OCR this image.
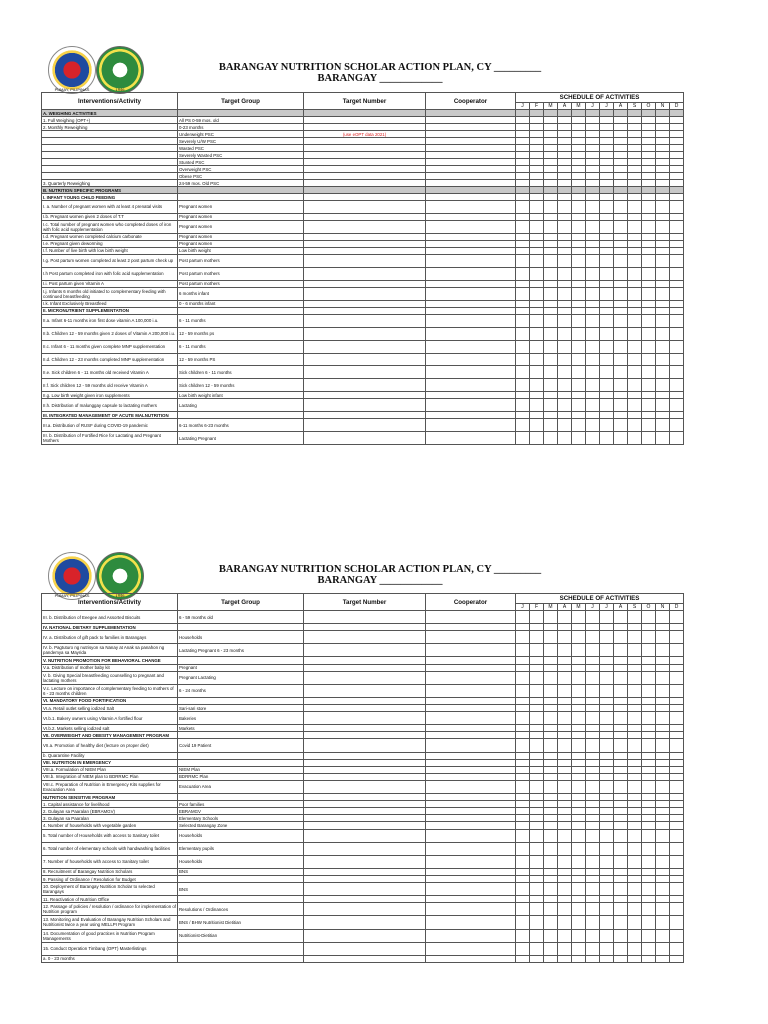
PUMAY, PILIPINAS	1946
BARANGAY NUTRITION SCHOLAR ACTION PLAN, CY _________
BARANGAY ____________
Interventions/Activity	Target Group	Target Number	Cooperator	SCHEDULE OF ACTIVITIES											
				J	F	M	A	M	J	J	A	S	O	N	D
A. WEIGHING ACTIVITIES															
1. Full Weighing (OPT+)	All PS 0-59 mos. old														
2. Monthly Reweighing	0-23 months														
	Underweight PSC	(use eOPT data 2021)													
	Severely U/W PSC														
	Wasted PSC														
	Severely Wasted PSC														
	Stunted PSC														
	Overweight PSC														
	Obese PSC														
3. Quarterly Reweighing	24-59 mos. Old PSC														
B. NUTRITION SPECIFIC PROGRAMS															
I. INFANT YOUNG CHILD FEEDING															
I. a. Number of pregnant women with at least 4 prenatal visits	Pregnant women														
I.b. Pregnant women given 2 doses of T.T	Pregnant women														
I.c. Total number of pregnant women who completed doses of iron with folic acid supplementation	Pregnant women														
I.d. Pregnant women completed calcium carbonate	Pregnant women														
I.e. Pregnant given deworming	Pregnant women														
I.f. Number of live birth with low birth weight	Low birth weight														
I.g. Post partum women completed at least 2 post partum check up	Post partum mothers														
I.h Post partum completed iron with folic acid supplementation	Post partum mothers														
I.i. Post partum given Vitamin A	Post partum mothers														
I.j. Infants 6 months old initiated to complementary feeding with continued breastfeeding	6 months infant														
I.k. Infant Exclusively Breastfeed	0 - 6 months infant														
II. MICRONUTRIENT SUPPLEMENTATION															
II.a. Infant 6-11 months iron first dose vitamin A 100,000 i.u.	6 - 11 months														
II.b. Children 12 - 59 months given 2 doses of Vitamin A 200,000 i.u.	12 - 59 months ps														
II.c. Infant 6 - 11 months given complete MNP supplementation	6 - 11 months														
II.d. Children 12 - 23 months completed MNP supplementation	12 - 59 months PS														
II.e. Sick children 6 - 11 months old received Vitamin A	Sick children 6 - 11 months														
II.f. Sick children 12 - 59 months old receive Vitamin A	Sick children 12 - 59 months														
II.g. Low birth weight given iron supplements	Low birth weight infant														
II.h. Distribution of malunggay capsule to lactating mothers	Lactating														
III. INTEGRATED MANAGEMENT OF ACUTE MALNUTRITION															
III.a. Distribution of RUSF during COVID-19 pandemic	6-11 months 6-23 months														
III. b. Distribution of Fortified Rice for Lactating and Pregnant Mothers	Lactating Pregnant														
PUMAY, PILIPINAS	1946
BARANGAY NUTRITION SCHOLAR ACTION PLAN, CY _________
BARANGAY ____________
Interventions/Activity	Target Group	Target Number	Cooperator	SCHEDULE OF ACTIVITIES											
				J	F	M	A	M	J	J	A	S	O	N	D
III. b. Distribution of Eeegee and Assorted Biscuits	6 - 59 months old														
IV. NATIONAL DIETARY SUPPLEMENTATION															
IV. a. Distribution of gift pack to families in Barangays	Households														
IV. b. Pagtuturo ng nutrisyon sa Nanay at Anak sa panahon ng pandemya sa Mayrida	Lactating Pregnant 6 - 23 months														
V. NUTRITION PROMOTION FOR BEHAVIORAL CHANGE															
V.a. Distribution of mother baby kit	Pregnant														
V. b. Giving Special breastfeeding counselling to pregnant and lactating mothers	Pregnant Lactating														
V.c. Lecture on importance of complementary feeding to mothers of 6 - 23 months children	6 - 24 months														
VI. MANDATORY FOOD FORTIFICATION															
VI.a. Retail outlet selling iodized Salt	Sari-sari store														
VI.b.1. Bakery owners using Vitamin A fortified flour	Bakeries														
VI.b.2. Markets selling iodized salt	Markets														
VII. OVERWEIGHT AND OBESITY MANAGEMENT PROGRAM															
VII.a. Promotion of healthy diet (lecture on proper diet)	Covid 19 Patient														
b. Quarantine Facility															
VIII. NUTRITION IN EMERGENCY															
VIII.a. Formulation of NIEM Plan	NIEM Plan														
VIII.b. Integration of NIEM plan to BDRRMC Plan	BDRRMC Plan														
VIII.c. Preparation of Nutrition in Emergency Kits supplies for Evacuation Area	Evacuation Area														
NUTRITION SENSITIVE PROGRAM															
1. Capital assistance for livelihood	Poor families														
2. Gulayan sa Paaralan (EBRAMGV)	EBRAMGV														
3. Gulayan sa Paaralan	Elementary Schools														
4. Number of households with vegetable garden	Selected Barangay Zone														
5. Total number of Households with access to Sanitary toilet	Households														
6. Total number of elementary schools with handwashing facilities	Elementary pupils														
7. Number of households with access to Sanitary toilet	Households														
8. Recruitment of Barangay Nutrition Scholars	BNS														
9. Passing of Ordinance / Resolution for Budget															
10. Deployment of Barangay Nutrition Scholar to selected Barangays	BNS														
11. Reactivation of Nutrition Office															
12. Passage of policies / resolution / ordinance for implementation of Nutrition program	Resolutions / Ordinances														
13. Monitoring and Evaluation of Barangay Nutrition Scholars and Nutritionist twice a year using MELLPI Program	BNS / BHW Nutritionist Dietitian														
14. Documentation of good practices in Nutrition Program Managements	Nutritionist-Dietitian														
15. Conduct Operation Timbang (OPT) Masterlistings															
a. 0 - 23 months															
